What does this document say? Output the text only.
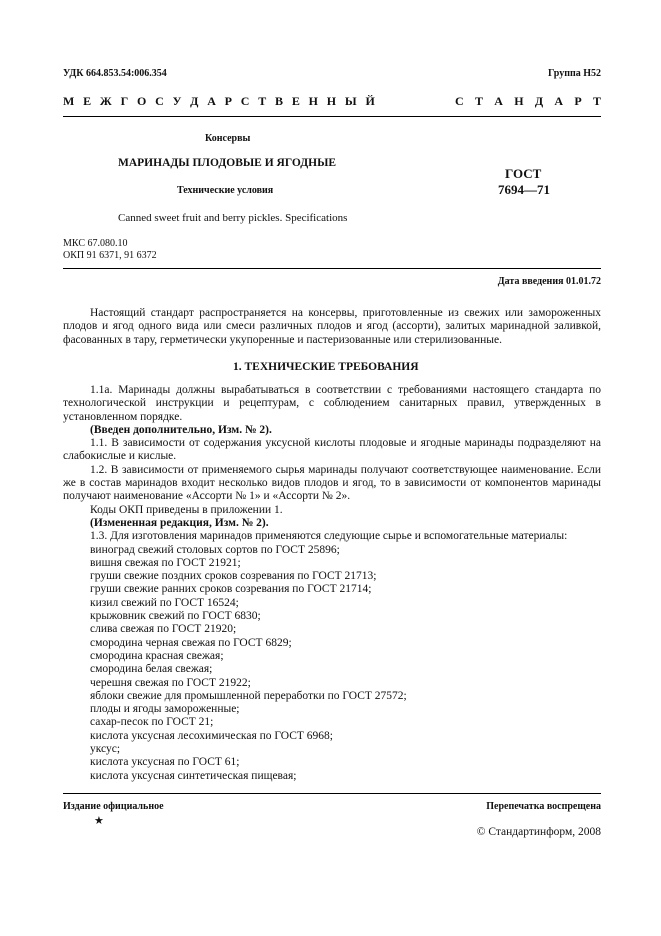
УДК 664.853.54:006.354	Группа Н52
М Е Ж Г О С У Д А Р С Т В Е Н Н Ы Й	С Т А Н Д А Р Т
Консервы
МАРИНАДЫ ПЛОДОВЫЕ И ЯГОДНЫЕ
Технические условия
ГОСТ
7694—71
Canned sweet fruit and berry pickles. Specifications
МКС 67.080.10
ОКП 91 6371, 91 6372
Дата введения 01.01.72

Настоящий стандарт распространяется на консервы, приготовленные из свежих или замороженных плодов и ягод одного вида или смеси различных плодов и ягод (ассорти), залитых маринадной заливкой, фасованных в тару, герметически укупоренные и пастеризованные или стерилизованные.

1. ТЕХНИЧЕСКИЕ ТРЕБОВАНИЯ

1.1а. Маринады должны вырабатываться в соответствии с требованиями настоящего стандарта по технологической инструкции и рецептурам, с соблюдением санитарных правил, утвержденных в установленном порядке.

(Введен дополнительно, Изм. № 2).

1.1. В зависимости от содержания уксусной кислоты плодовые и ягодные маринады подразделяют на слабокислые и кислые.

1.2. В зависимости от применяемого сырья маринады получают соответствующее наименование. Если же в состав маринадов входит несколько видов плодов и ягод, то в зависимости от компонентов маринады получают наименование «Ассорти № 1» и «Ассорти № 2».

Коды ОКП приведены в приложении 1.

(Измененная редакция, Изм. № 2).

1.3. Для изготовления маринадов применяются следующие сырье и вспомогательные материалы:

виноград свежий столовых сортов по ГОСТ 25896;
вишня свежая по ГОСТ 21921;
груши свежие поздних сроков созревания по ГОСТ 21713;
груши свежие ранних сроков созревания по ГОСТ 21714;
кизил свежий по ГОСТ 16524;
крыжовник свежий по ГОСТ 6830;
слива свежая по ГОСТ 21920;
смородина черная свежая по ГОСТ 6829;
смородина красная свежая;
смородина белая свежая;
черешня свежая по ГОСТ 21922;
яблоки свежие для промышленной переработки по ГОСТ 27572;
плоды и ягоды замороженные;
сахар-песок по ГОСТ 21;
кислота уксусная лесохимическая по ГОСТ 6968;
уксус;
кислота уксусная по ГОСТ 61;
кислота уксусная синтетическая пищевая;
Издание официальное	Перепечатка воспрещена
★
© Стандартинформ, 2008
